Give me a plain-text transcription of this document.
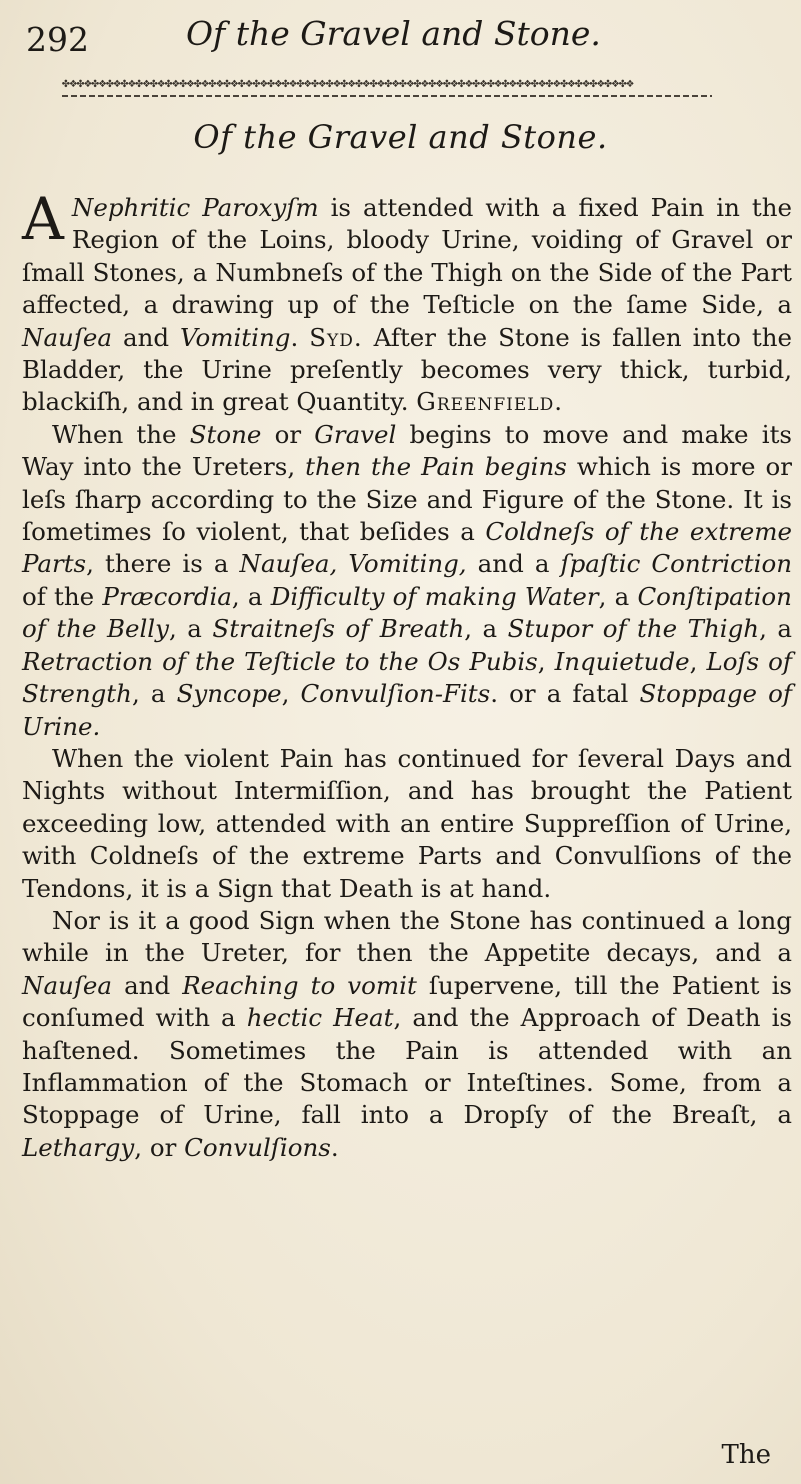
292	Of the Gravel and Stone.
✤❖✤❖✤❖✤❖✤❖✤❖✤❖✤❖✤❖✤❖✤❖✤❖✤❖✤❖✤❖✤❖✤❖✤❖✤❖✤❖✤❖✤❖✤❖✤❖✤❖✤❖✤❖✤❖✤❖✤❖✤❖✤❖✤❖✤❖✤❖✤❖✤❖✤❖✤❖
Of the Gravel and Stone.

A Nephritic Paroxyſm is attended with a fixed Pain in the Region of the Loins, bloody Urine, voiding of Gravel or ſmall Stones, a Numbneſs of the Thigh on the Side of the Part affected, a drawing up of the Teſticle on the ſame Side, a Nauſea and Vomiting. Syd. After the Stone is fallen into the Bladder, the Urine preſently becomes very thick, turbid, blackiſh, and in great Quantity. Greenfield.

When the Stone or Gravel begins to move and make its Way into the Ureters, then the Pain begins which is more or leſs ſharp according to the Size and Figure of the Stone. It is ſometimes ſo violent, that beſides a Coldneſs of the extreme Parts, there is a Nauſea, Vomiting, and a ſpaſtic Contriction of the Præcordia, a Difficulty of making Water, a Conſtipation of the Belly, a Straitneſs of Breath, a Stupor of the Thigh, a Retraction of the Teſticle to the Os Pubis, Inquietude, Loſs of Strength, a Syncope, Convulſion-Fits. or a fatal Stoppage of Urine.

When the violent Pain has continued for ſeveral Days and Nights without Intermiſſion, and has brought the Patient exceeding low, attended with an entire Suppreſſion of Urine, with Coldneſs of the extreme Parts and Convulſions of the Tendons, it is a Sign that Death is at hand.

Nor is it a good Sign when the Stone has continued a long while in the Ureter, for then the Appetite decays, and a Nauſea and Reaching to vomit ſupervene, till the Patient is conſumed with a hectic Heat, and the Approach of Death is haſtened. Sometimes the Pain is attended with an Inflammation of the Stomach or Inteſtines. Some, from a Stoppage of Urine, fall into a Dropſy of the Breaſt, a Lethargy, or Convulſions.

The
